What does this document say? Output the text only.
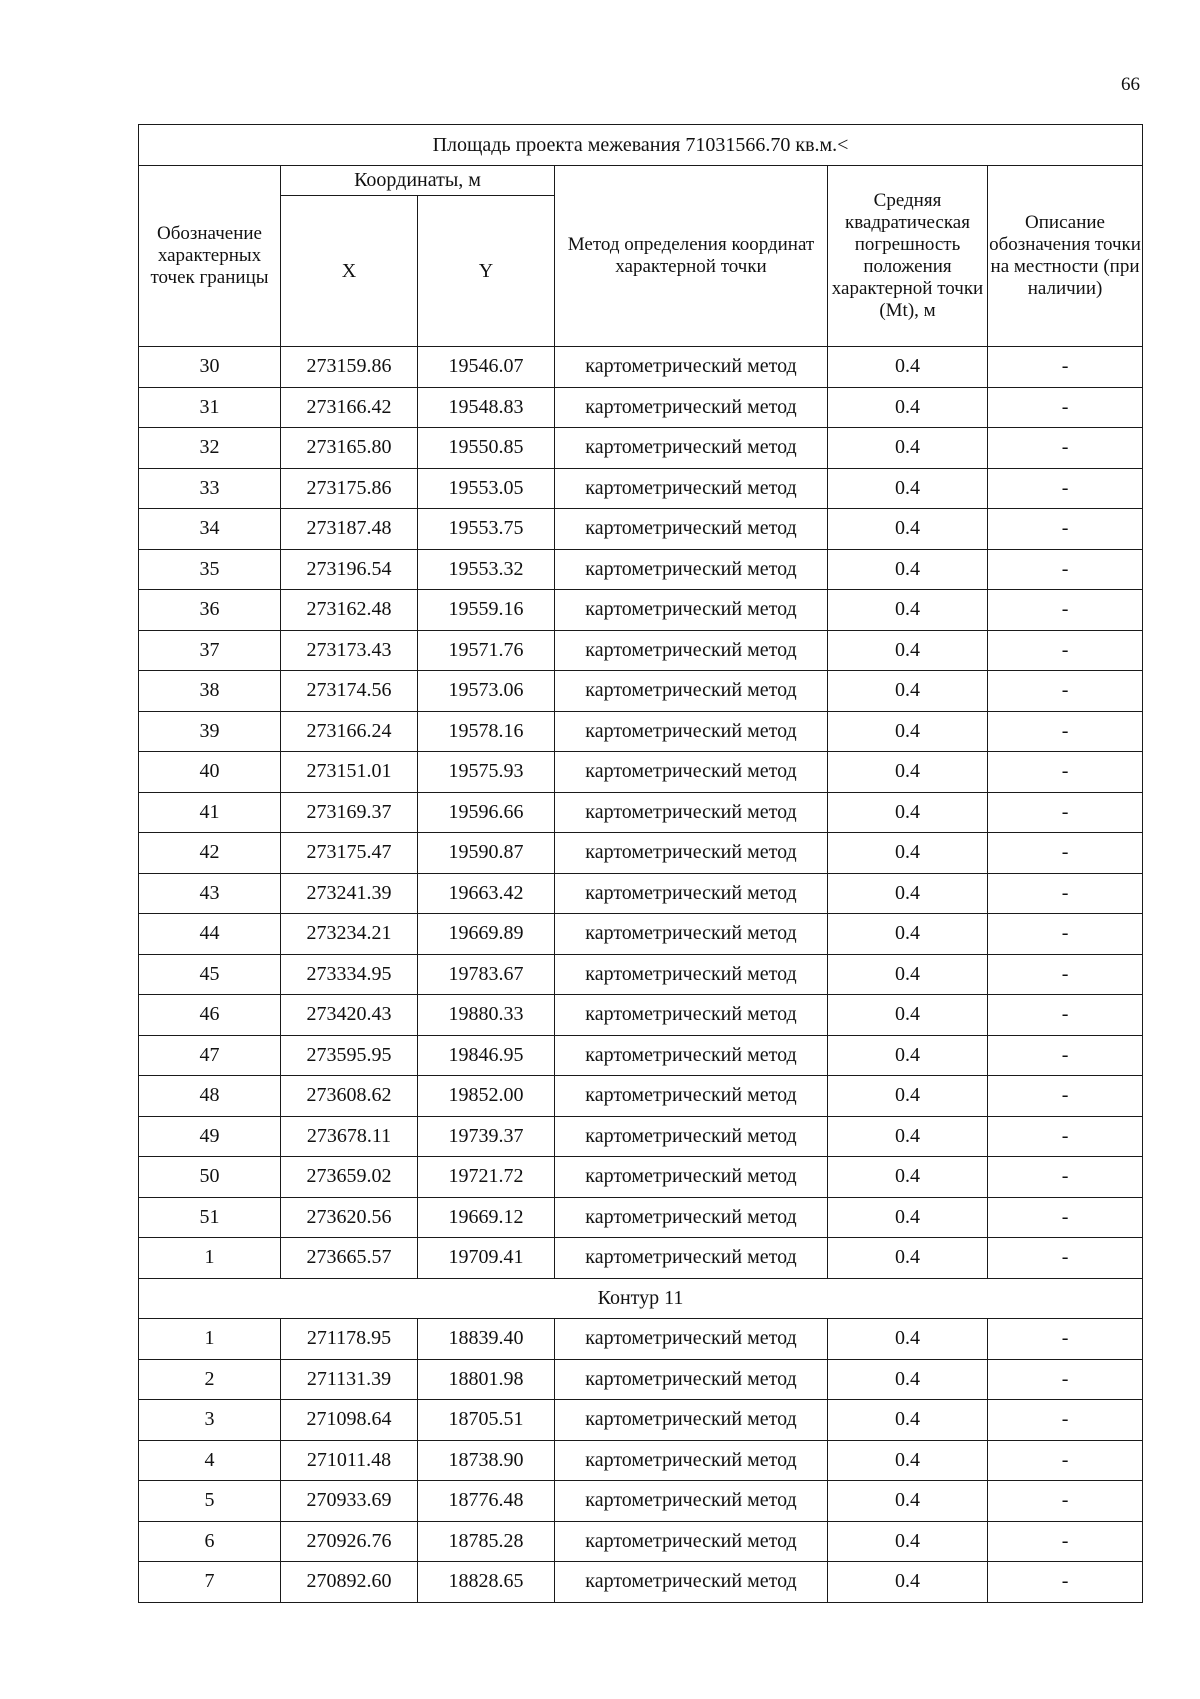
66
Площадь проекта межевания 71031566.70 кв.м.<					
Обозначение характерных точек границы	Координаты, м		Метод определения координат характерной точки	Средняя квадратическая погрешность положения характерной точки (Mt), м	Описание обозначения точки на местности (при наличии)
	X	Y			
30	273159.86	19546.07	картометрический метод	0.4	-
31	273166.42	19548.83	картометрический метод	0.4	-
32	273165.80	19550.85	картометрический метод	0.4	-
33	273175.86	19553.05	картометрический метод	0.4	-
34	273187.48	19553.75	картометрический метод	0.4	-
35	273196.54	19553.32	картометрический метод	0.4	-
36	273162.48	19559.16	картометрический метод	0.4	-
37	273173.43	19571.76	картометрический метод	0.4	-
38	273174.56	19573.06	картометрический метод	0.4	-
39	273166.24	19578.16	картометрический метод	0.4	-
40	273151.01	19575.93	картометрический метод	0.4	-
41	273169.37	19596.66	картометрический метод	0.4	-
42	273175.47	19590.87	картометрический метод	0.4	-
43	273241.39	19663.42	картометрический метод	0.4	-
44	273234.21	19669.89	картометрический метод	0.4	-
45	273334.95	19783.67	картометрический метод	0.4	-
46	273420.43	19880.33	картометрический метод	0.4	-
47	273595.95	19846.95	картометрический метод	0.4	-
48	273608.62	19852.00	картометрический метод	0.4	-
49	273678.11	19739.37	картометрический метод	0.4	-
50	273659.02	19721.72	картометрический метод	0.4	-
51	273620.56	19669.12	картометрический метод	0.4	-
1	273665.57	19709.41	картометрический метод	0.4	-
Контур 11					
1	271178.95	18839.40	картометрический метод	0.4	-
2	271131.39	18801.98	картометрический метод	0.4	-
3	271098.64	18705.51	картометрический метод	0.4	-
4	271011.48	18738.90	картометрический метод	0.4	-
5	270933.69	18776.48	картометрический метод	0.4	-
6	270926.76	18785.28	картометрический метод	0.4	-
7	270892.60	18828.65	картометрический метод	0.4	-
